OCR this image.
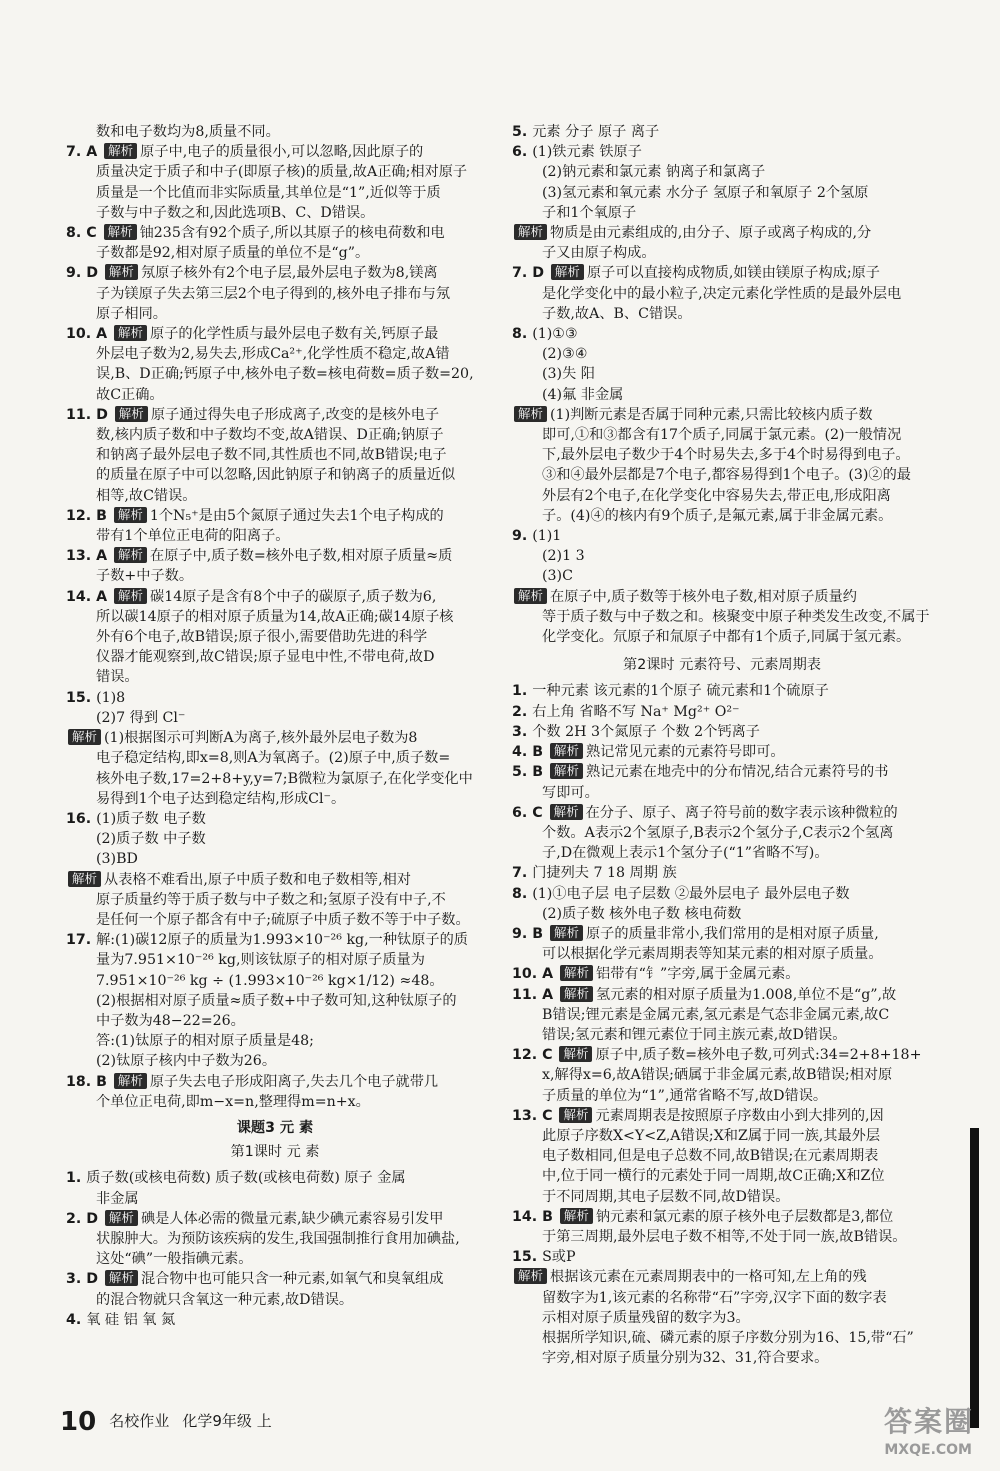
数和电子数均为8,质量不同。
7. A 解析 原子中,电子的质量很小,可以忽略,因此原子的
质量决定于质子和中子(即原子核)的质量,故A正确;相对原子
质量是一个比值而非实际质量,其单位是“1”,近似等于质
子数与中子数之和,因此选项B、C、D错误。
8. C 解析 铀235含有92个质子,所以其原子的核电荷数和电
子数都是92,相对原子质量的单位不是“g”。
9. D 解析 氖原子核外有2个电子层,最外层电子数为8,镁离
子为镁原子失去第三层2个电子得到的,核外电子排布与氖
原子相同。
10. A 解析 原子的化学性质与最外层电子数有关,钙原子最
外层电子数为2,易失去,形成Ca²⁺,化学性质不稳定,故A错
误,B、D正确;钙原子中,核外电子数=核电荷数=质子数=20,
故C正确。
11. D 解析 原子通过得失电子形成离子,改变的是核外电子
数,核内质子数和中子数均不变,故A错误、D正确;钠原子
和钠离子最外层电子数不同,其性质也不同,故B错误;电子
的质量在原子中可以忽略,因此钠原子和钠离子的质量近似
相等,故C错误。
12. B 解析 1个N₅⁺是由5个氮原子通过失去1个电子构成的
带有1个单位正电荷的阳离子。
13. A 解析 在原子中,质子数=核外电子数,相对原子质量≈质
子数+中子数。
14. A 解析 碳14原子是含有8个中子的碳原子,质子数为6,
所以碳14原子的相对原子质量为14,故A正确;碳14原子核
外有6个电子,故B错误;原子很小,需要借助先进的科学
仪器才能观察到,故C错误;原子显电中性,不带电荷,故D
错误。
15. (1)8
(2)7 得到 Cl⁻
解析 (1)根据图示可判断A为离子,核外最外层电子数为8
电子稳定结构,即x=8,则A为氧离子。(2)原子中,质子数=
核外电子数,17=2+8+y,y=7;B微粒为氯原子,在化学变化中
易得到1个电子达到稳定结构,形成Cl⁻。
16. (1)质子数 电子数
(2)质子数 中子数
(3)BD
解析 从表格不难看出,原子中质子数和电子数相等,相对
原子质量约等于质子数与中子数之和;氢原子没有中子,不
是任何一个原子都含有中子;硫原子中质子数不等于中子数。
17. 解:(1)碳12原子的质量为1.993×10⁻²⁶ kg,一种钛原子的质
量为7.951×10⁻²⁶ kg,则该钛原子的相对原子质量为
7.951×10⁻²⁶ kg ÷ (1.993×10⁻²⁶ kg×1/12) ≈48。
(2)根据相对原子质量≈质子数+中子数可知,这种钛原子的
中子数为48−22=26。
答:(1)钛原子的相对原子质量是48;
(2)钛原子核内中子数为26。
18. B 解析 原子失去电子形成阳离子,失去几个电子就带几
个单位正电荷,即m−x=n,整理得m=n+x。
课题3 元 素
第1课时 元 素
1. 质子数(或核电荷数) 质子数(或核电荷数) 原子 金属
非金属
2. D 解析 碘是人体必需的微量元素,缺少碘元素容易引发甲
状腺肿大。为预防该疾病的发生,我国强制推行食用加碘盐,
这处“碘”一般指碘元素。
3. D 解析 混合物中也可能只含一种元素,如氧气和臭氧组成
的混合物就只含氧这一种元素,故D错误。
4. 氧 硅 铝 氧 氮
5. 元素 分子 原子 离子
6. (1)铁元素 铁原子
(2)钠元素和氯元素 钠离子和氯离子
(3)氢元素和氧元素 水分子 氢原子和氧原子 2个氢原
子和1个氧原子
解析 物质是由元素组成的,由分子、原子或离子构成的,分
子又由原子构成。
7. D 解析 原子可以直接构成物质,如镁由镁原子构成;原子
是化学变化中的最小粒子,决定元素化学性质的是最外层电
子数,故A、B、C错误。
8. (1)①③
(2)③④
(3)失 阳
(4)氟 非金属
解析 (1)判断元素是否属于同种元素,只需比较核内质子数
即可,①和③都含有17个质子,同属于氯元素。(2)一般情况
下,最外层电子数少于4个时易失去,多于4个时易得到电子。
③和④最外层都是7个电子,都容易得到1个电子。(3)②的最
外层有2个电子,在化学变化中容易失去,带正电,形成阳离
子。(4)④的核内有9个质子,是氟元素,属于非金属元素。
9. (1)1
(2)1 3
(3)C
解析 在原子中,质子数等于核外电子数,相对原子质量约
等于质子数与中子数之和。核聚变中原子种类发生改变,不属于
化学变化。氘原子和氚原子中都有1个质子,同属于氢元素。
第2课时 元素符号、元素周期表
1. 一种元素 该元素的1个原子 硫元素和1个硫原子
2. 右上角 省略不写 Na⁺ Mg²⁺ O²⁻
3. 个数 2H 3个氮原子 个数 2个钙离子
4. B 解析 熟记常见元素的元素符号即可。
5. B 解析 熟记元素在地壳中的分布情况,结合元素符号的书
写即可。
6. C 解析 在分子、原子、离子符号前的数字表示该种微粒的
个数。A表示2个氢原子,B表示2个氢分子,C表示2个氢离
子,D在微观上表示1个氢分子(“1”省略不写)。
7. 门捷列夫 7 18 周期 族
8. (1)①电子层 电子层数 ②最外层电子 最外层电子数
(2)质子数 核外电子数 核电荷数
9. B 解析 原子的质量非常小,我们常用的是相对原子质量,
可以根据化学元素周期表等知某元素的相对原子质量。
10. A 解析 铝带有“钅”字旁,属于金属元素。
11. A 解析 氢元素的相对原子质量为1.008,单位不是“g”,故
B错误;锂元素是金属元素,氢元素是气态非金属元素,故C
错误;氢元素和锂元素位于同主族元素,故D错误。
12. C 解析 原子中,质子数=核外电子数,可列式:34=2+8+18+
x,解得x=6,故A错误;硒属于非金属元素,故B错误;相对原
子质量的单位为“1”,通常省略不写,故D错误。
13. C 解析 元素周期表是按照原子序数由小到大排列的,因
此原子序数X<Y<Z,A错误;X和Z属于同一族,其最外层
电子数相同,但是电子总数不同,故B错误;在元素周期表
中,位于同一横行的元素处于同一周期,故C正确;X和Z位
于不同周期,其电子层数不同,故D错误。
14. B 解析 钠元素和氯元素的原子核外电子层数都是3,都位
于第三周期,最外层电子数不相等,不处于同一族,故B错误。
15. S或P
解析 根据该元素在元素周期表中的一格可知,左上角的残
留数字为1,该元素的名称带“石”字旁,汉字下面的数字表
示相对原子质量残留的数字为3。
根据所学知识,硫、磷元素的原子序数分别为16、15,带“石”
字旁,相对原子质量分别为32、31,符合要求。
10 名校作业 化学9年级 上	答案圈
MXQE.COM
